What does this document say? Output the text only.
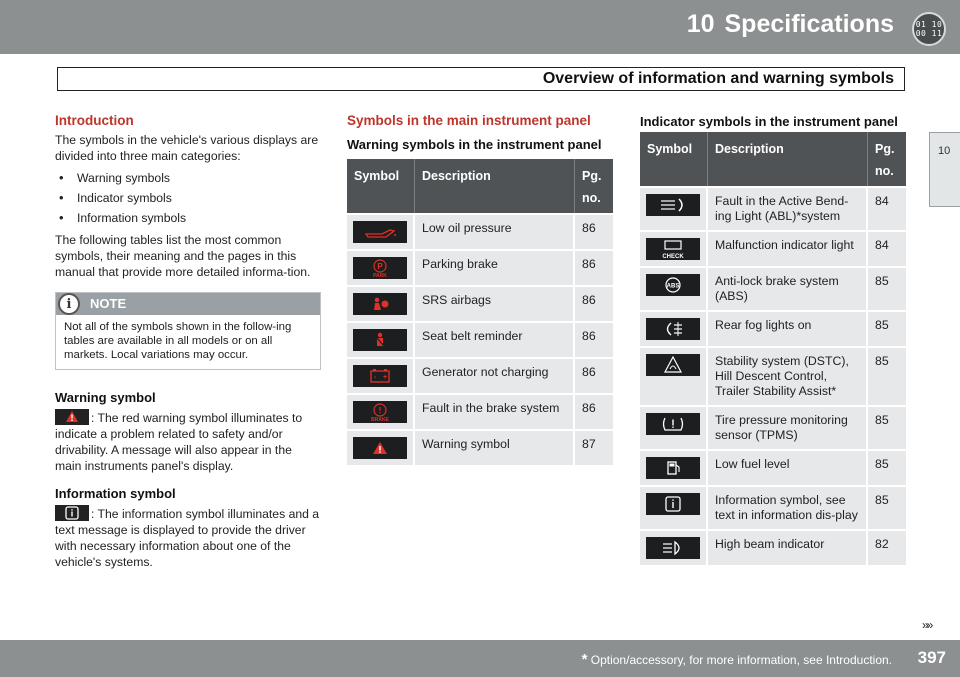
10 Specifications	01 10
00 11
Overview of information and warning symbols
10
Introduction

The symbols in the vehicle's various displays are divided into three main categories:

• Warning symbols
• Indicator symbols
• Information symbols

The following tables list the most common symbols, their meaning and the pages in this manual that provide more detailed informa-tion.

i	NOTE
Not all of the symbols shown in the follow-ing tables are available in all models or on all markets. Local variations may occur.
Warning symbol

: The red warning symbol illuminates to indicate a problem related to safety and/or drivability. A message will also appear in the main instruments panel's display.

Information symbol

: The information symbol illuminates and a text message is displayed to provide the driver with necessary information about one of the vehicle's systems.

Symbols in the main instrument panel
Warning symbols in the instrument panel
Symbol	Description	Pg. no.

	Low oil pressure	86

P
PARK	Parking brake	86

	SRS airbags	86

	Seat belt reminder	86

- +	Generator not charging	86

!
BRAKE	Fault in the brake system	86

	Warning symbol	87
Indicator symbols in the instrument panel
Symbol	Description	Pg. no.

	Fault in the Active Bend-ing Light (ABL)*system	84

CHECK	Malfunction indicator light	84

ABS	Anti-lock brake system (ABS)	85

	Rear fog lights on	85

	Stability system (DSTC), Hill Descent Control, Trailer Stability Assist*	85

	Tire pressure monitoring sensor (TPMS)	85

	Low fuel level	85

	Information symbol, see text in information dis-play	85

	High beam indicator	82
»»
* Option/accessory, for more information, see Introduction. 397
